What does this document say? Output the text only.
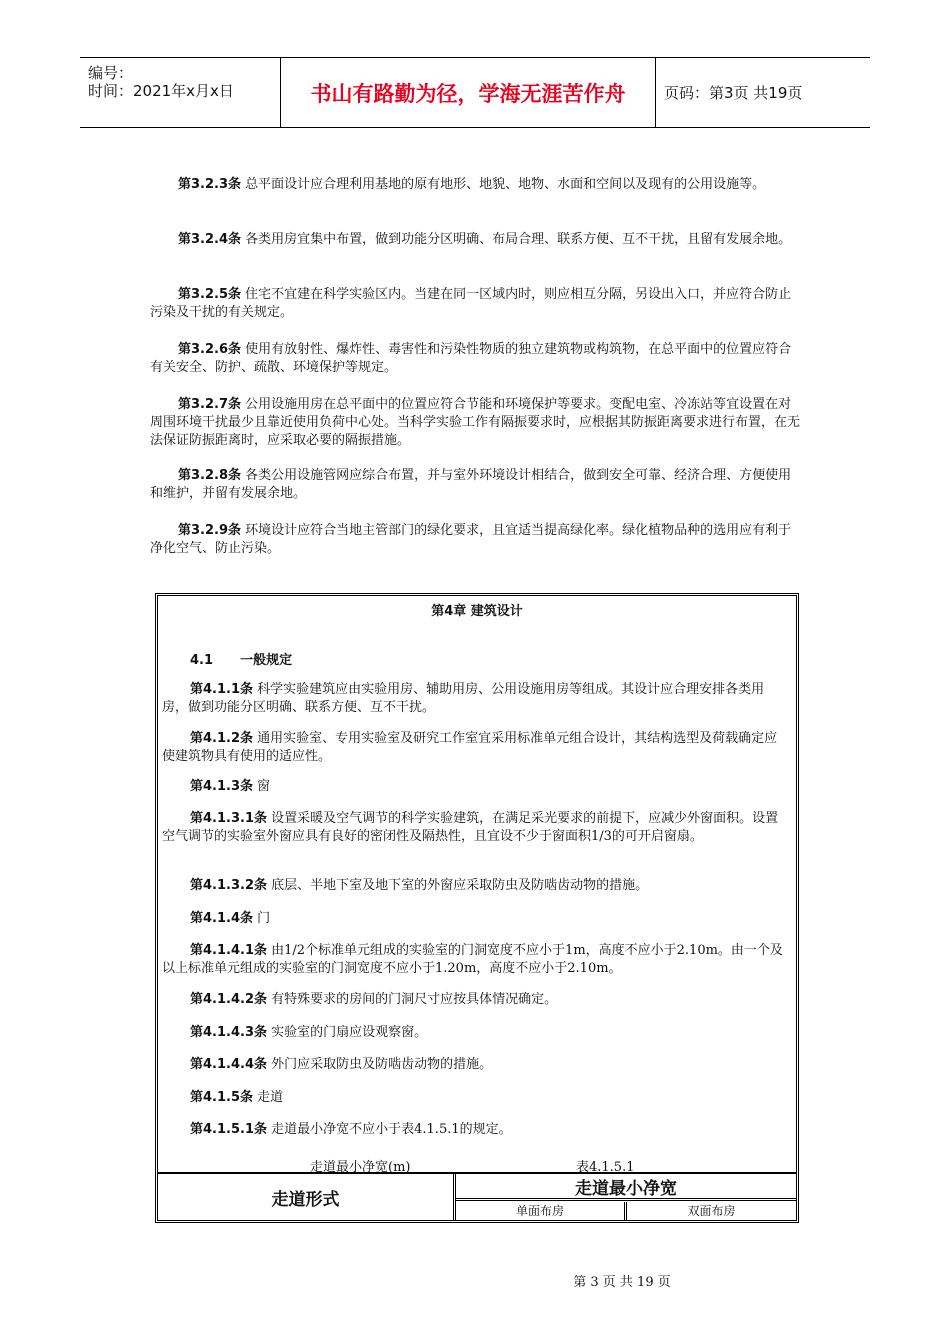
编号：
时间：2021年x月x日	书山有路勤为径，学海无涯苦作舟	页码：第3页 共19页
第3.2.3条 总平面设计应合理利用基地的原有地形、地貌、地物、水面和空间以及现有的公用设施等。
第3.2.4条 各类用房宜集中布置，做到功能分区明确、布局合理、联系方便、互不干扰，且留有发展余地。
第3.2.5条 住宅不宜建在科学实验区内。当建在同一区域内时，则应相互分隔，另设出入口，并应符合防止污染及干扰的有关规定。
第3.2.6条 使用有放射性、爆炸性、毒害性和污染性物质的独立建筑物或构筑物，在总平面中的位置应符合有关安全、防护、疏散、环境保护等规定。
第3.2.7条 公用设施用房在总平面中的位置应符合节能和环境保护等要求。变配电室、冷冻站等宜设置在对周围环境干扰最少且靠近使用负荷中心处。当科学实验工作有隔振要求时，应根据其防振距离要求进行布置，在无法保证防振距离时，应采取必要的隔振措施。
第3.2.8条 各类公用设施管网应综合布置，并与室外环境设计相结合，做到安全可靠、经济合理、方便使用和维护，并留有发展余地。
第3.2.9条 环境设计应符合当地主管部门的绿化要求，且宜适当提高绿化率。绿化植物品种的选用应有利于净化空气、防止污染。
第4章 建筑设计
4.1      一般规定
第4.1.1条 科学实验建筑应由实验用房、辅助用房、公用设施用房等组成。其设计应合理安排各类用房，做到功能分区明确、联系方便、互不干扰。
第4.1.2条 通用实验室、专用实验室及研究工作室宜采用标准单元组合设计，其结构选型及荷载确定应使建筑物具有使用的适应性。
第4.1.3条 窗
第4.1.3.1条 设置采暖及空气调节的科学实验建筑，在满足采光要求的前提下，应减少外窗面积。设置空气调节的实验室外窗应具有良好的密闭性及隔热性，且宜设不少于窗面积1/3的可开启窗扇。
第4.1.3.2条 底层、半地下室及地下室的外窗应采取防虫及防啮齿动物的措施。
第4.1.4条 门
第4.1.4.1条 由1/2个标准单元组成的实验室的门洞宽度不应小于1m，高度不应小于2.10m。由一个及以上标准单元组成的实验室的门洞宽度不应小于1.20m，高度不应小于2.10m。
第4.1.4.2条 有特殊要求的房间的门洞尺寸应按具体情况确定。
第4.1.4.3条 实验室的门扇应设观察窗。
第4.1.4.4条 外门应采取防虫及防啮齿动物的措施。
第4.1.5条 走道
第4.1.5.1条 走道最小净宽不应小于表4.1.5.1的规定。
走道最小净宽(m)	表4.1.5.1
走道形式
走道最小净宽
单面布房	双面布房
第 3 页 共 19 页
